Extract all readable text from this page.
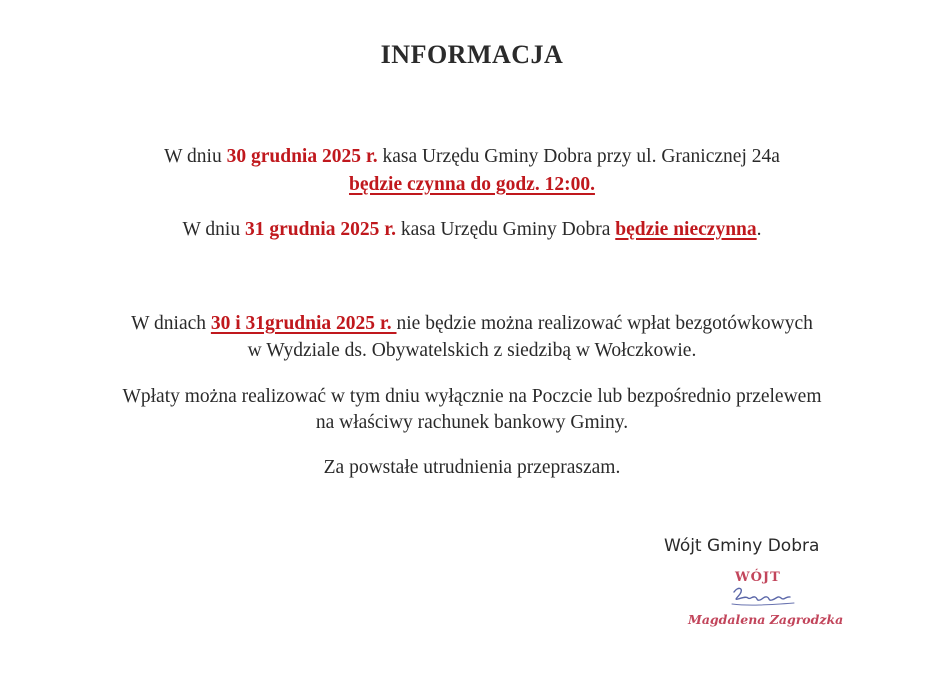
INFORMACJA
W dniu 30 grudnia 2025 r. kasa Urzędu Gminy Dobra przy ul. Granicznej 24a
będzie czynna do godz. 12:00.
W dniu 31 grudnia 2025 r. kasa Urzędu Gminy Dobra będzie nieczynna.
W dniach 30 i 31grudnia 2025 r. nie będzie można realizować wpłat bezgotówkowych
w Wydziale ds. Obywatelskich z siedzibą w Wołczkowie.
Wpłaty można realizować w tym dniu wyłącznie na Poczcie lub bezpośrednio przelewem
na właściwy rachunek bankowy Gminy.
Za powstałe utrudnienia przepraszam.
Wójt Gminy Dobra
WÓJT
Magdalena Zagrodzka
